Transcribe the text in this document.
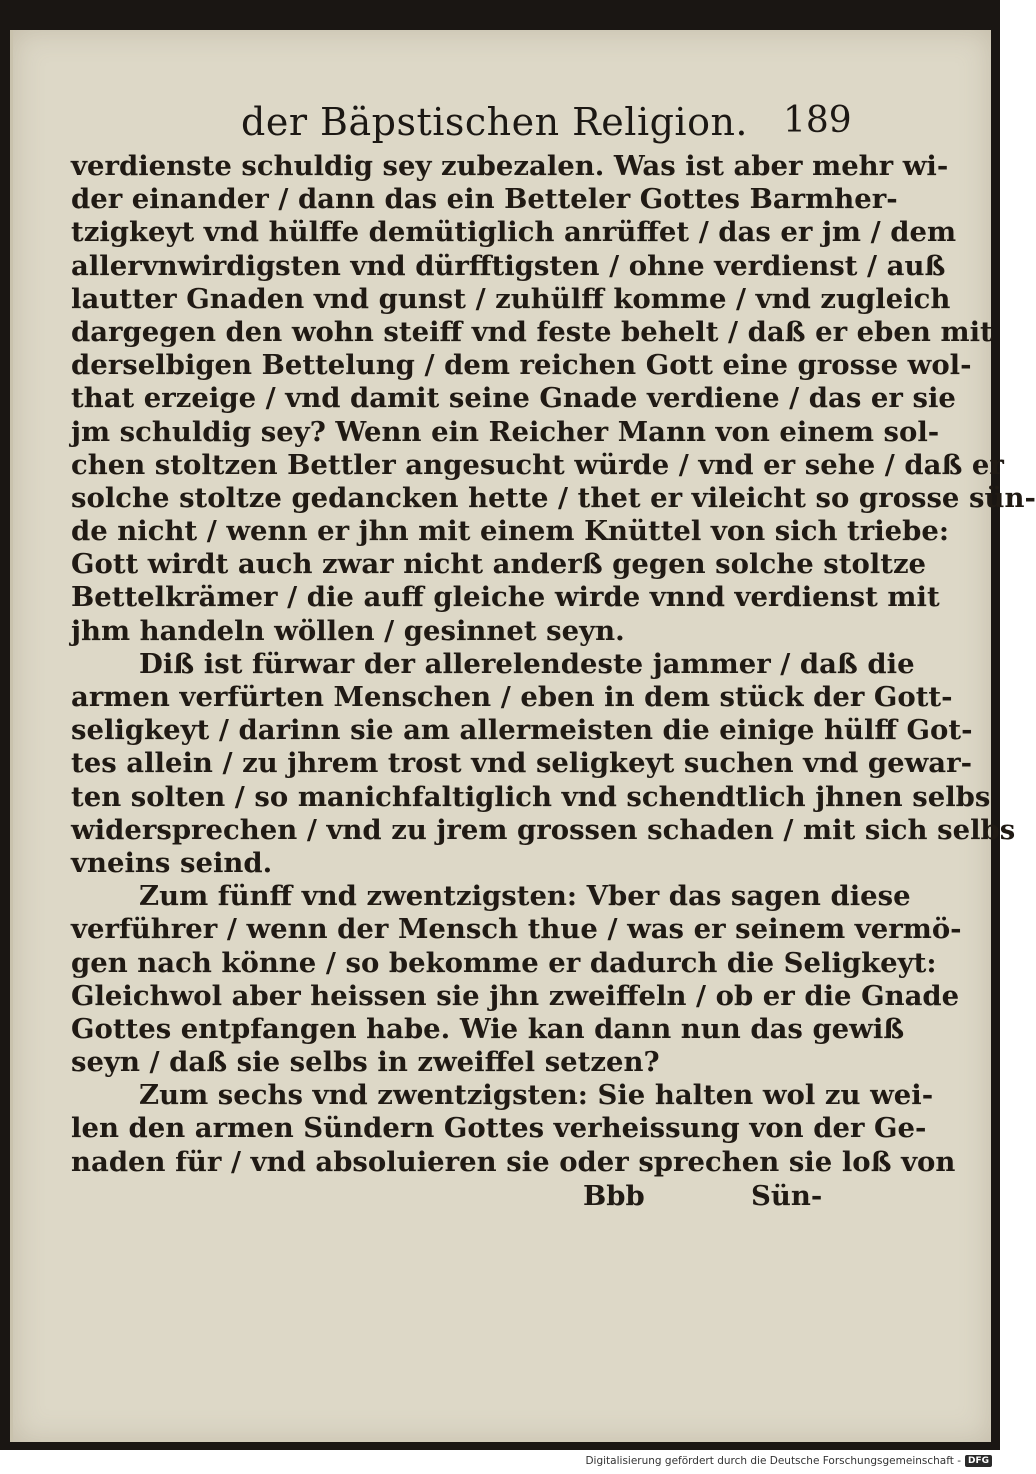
der Bäpstischen Religion. 189
verdienste schuldig sey zubezalen. Was ist aber mehr wi-
der einander / dann das ein Betteler Gottes Barmher-
tzigkeyt vnd hülffe demütiglich anrüffet / das er jm / dem
allervnwirdigsten vnd dürfftigsten / ohne verdienst / auß
lautter Gnaden vnd gunst / zuhülff komme / vnd zugleich
dargegen den wohn steiff vnd feste behelt / daß er eben mit
derselbigen Bettelung / dem reichen Gott eine grosse wol-
that erzeige / vnd damit seine Gnade verdiene / das er sie
jm schuldig sey? Wenn ein Reicher Mann von einem sol-
chen stoltzen Bettler angesucht würde / vnd er sehe / daß er
solche stoltze gedancken hette / thet er vileicht so grosse sün-
de nicht / wenn er jhn mit einem Knüttel von sich triebe:
Gott wirdt auch zwar nicht anderß gegen solche stoltze
Bettelkrämer / die auff gleiche wirde vnnd verdienst mit
jhm handeln wöllen / gesinnet seyn.
Diß ist fürwar der allerelendeste jammer / daß die
armen verfürten Menschen / eben in dem stück der Gott-
seligkeyt / darinn sie am allermeisten die einige hülff Got-
tes allein / zu jhrem trost vnd seligkeyt suchen vnd gewar-
ten solten / so manichfaltiglich vnd schendtlich jhnen selbs
widersprechen / vnd zu jrem grossen schaden / mit sich selbs
vneins seind.
Zum fünff vnd zwentzigsten: Vber das sagen diese
verführer / wenn der Mensch thue / was er seinem vermö-
gen nach könne / so bekomme er dadurch die Seligkeyt:
Gleichwol aber heissen sie jhn zweiffeln / ob er die Gnade
Gottes entpfangen habe. Wie kan dann nun das gewiß
seyn / daß sie selbs in zweiffel setzen?
Zum sechs vnd zwentzigsten: Sie halten wol zu wei-
len den armen Sündern Gottes verheissung von der Ge-
naden für / vnd absoluieren sie oder sprechen sie loß von
Bbb	Sün-
Digitalisierung gefördert durch die Deutsche Forschungsgemeinschaft - DFG
